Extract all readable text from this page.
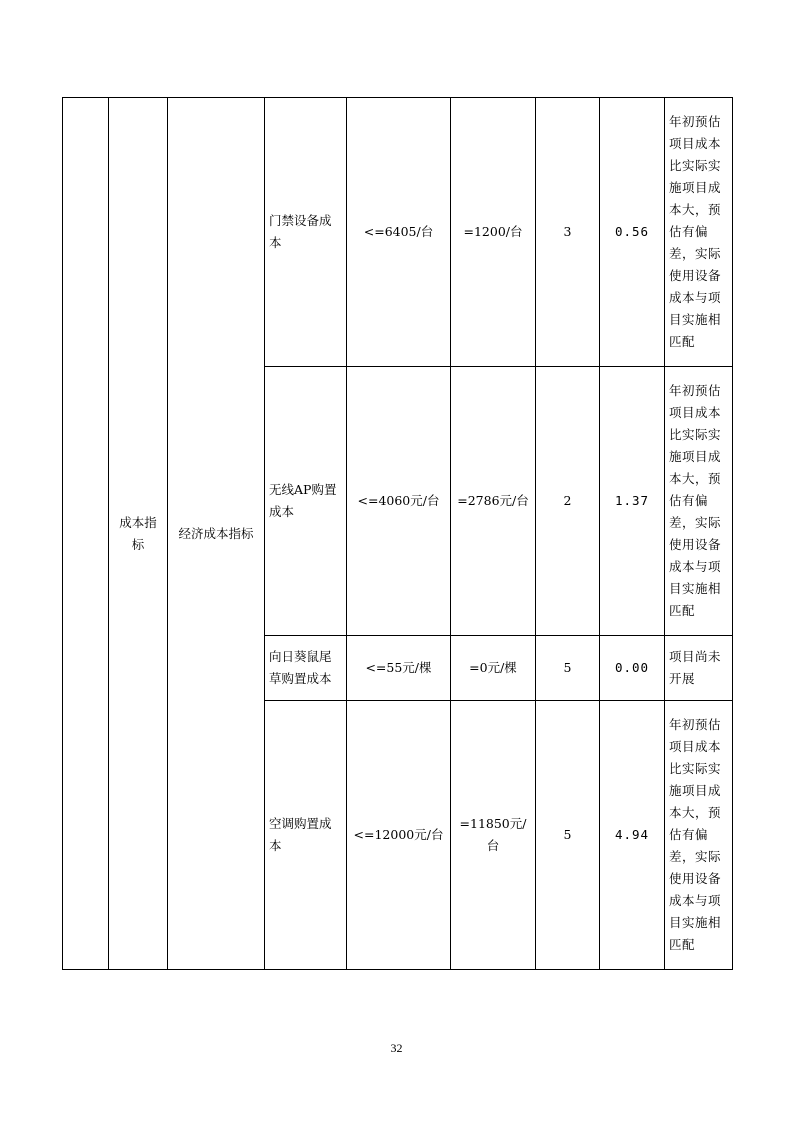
	成本指标	经济成本指标	门禁设备成本	<=6405/台	=1200/台	3	0.56	年初预估项目成本比实际实施项目成本大，预估有偏差，实际使用设备成本与项目实施相匹配
			无线AP购置成本	<=4060元/台	=2786元/台	2	1.37	年初预估项目成本比实际实施项目成本大，预估有偏差，实际使用设备成本与项目实施相匹配
			向日葵鼠尾草购置成本	<=55元/棵	=0元/棵	5	0.00	项目尚未开展
			空调购置成本	<=12000元/台	=11850元/台	5	4.94	年初预估项目成本比实际实施项目成本大，预估有偏差，实际使用设备成本与项目实施相匹配
32
